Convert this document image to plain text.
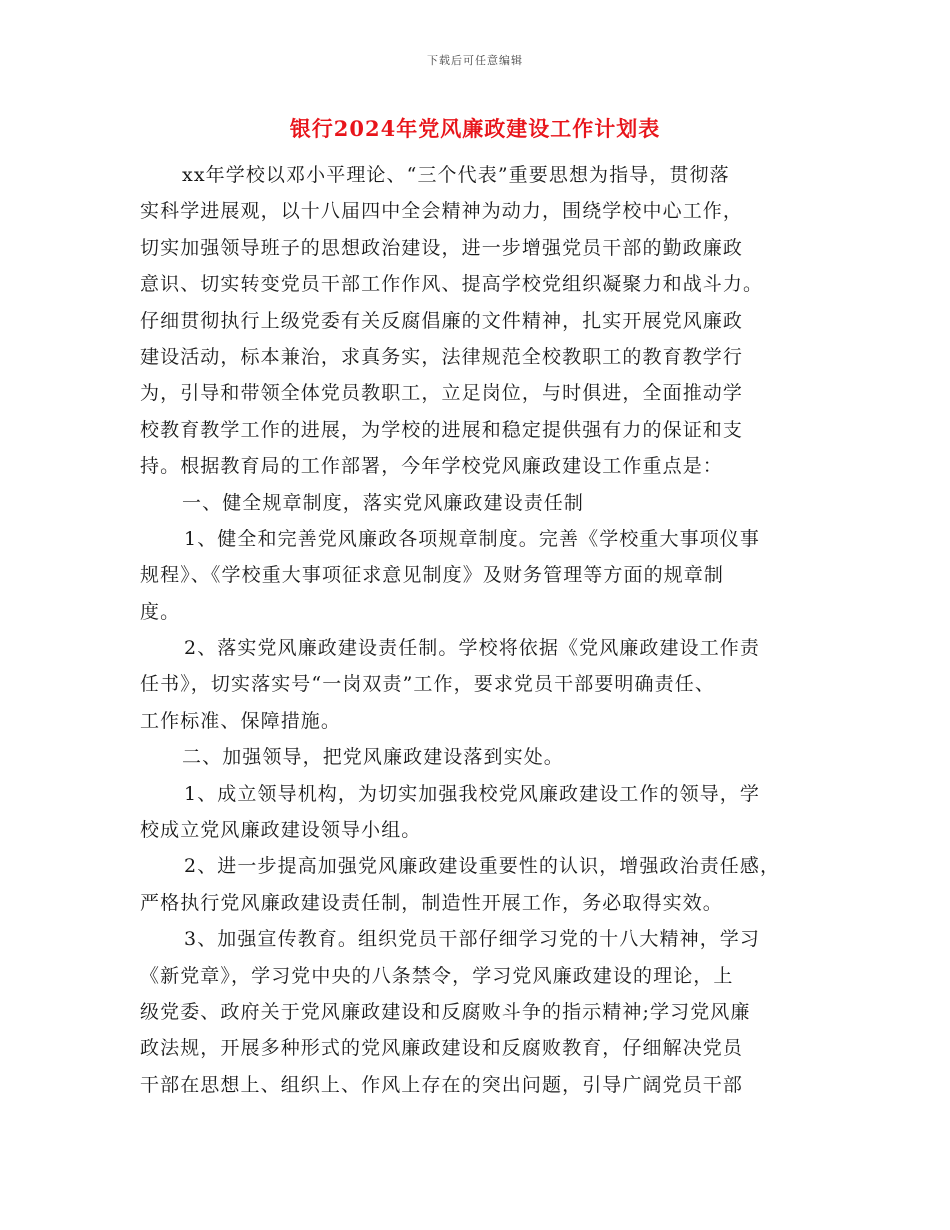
下载后可任意编辑
银行2024年党风廉政建设工作计划表
xx年学校以邓小平理论、“三个代表”重要思想为指导，贯彻落
实科学进展观，以十八届四中全会精神为动力，围绕学校中心工作，
切实加强领导班子的思想政治建设，进一步增强党员干部的勤政廉政
意识、切实转变党员干部工作作风、提高学校党组织凝聚力和战斗力。
仔细贯彻执行上级党委有关反腐倡廉的文件精神，扎实开展党风廉政
建设活动，标本兼治，求真务实，法律规范全校教职工的教育教学行
为，引导和带领全体党员教职工，立足岗位，与时俱进，全面推动学
校教育教学工作的进展，为学校的进展和稳定提供强有力的保证和支
持。根据教育局的工作部署，今年学校党风廉政建设工作重点是：
一、健全规章制度，落实党风廉政建设责任制
1、健全和完善党风廉政各项规章制度。完善《学校重大事项仪事
规程》、《学校重大事项征求意见制度》及财务管理等方面的规章制
度。
2、落实党风廉政建设责任制。学校将依据《党风廉政建设工作责
任书》，切实落实号“一岗双责”工作，要求党员干部要明确责任、
工作标准、保障措施。
二、加强领导，把党风廉政建设落到实处。
1、成立领导机构，为切实加强我校党风廉政建设工作的领导，学
校成立党风廉政建设领导小组。
2、进一步提高加强党风廉政建设重要性的认识，增强政治责任感，
严格执行党风廉政建设责任制，制造性开展工作，务必取得实效。
3、加强宣传教育。组织党员干部仔细学习党的十八大精神，学习
《新党章》，学习党中央的八条禁令，学习党风廉政建设的理论，上
级党委、政府关于党风廉政建设和反腐败斗争的指示精神;学习党风廉
政法规，开展多种形式的党风廉政建设和反腐败教育，仔细解决党员
干部在思想上、组织上、作风上存在的突出问题，引导广阔党员干部
